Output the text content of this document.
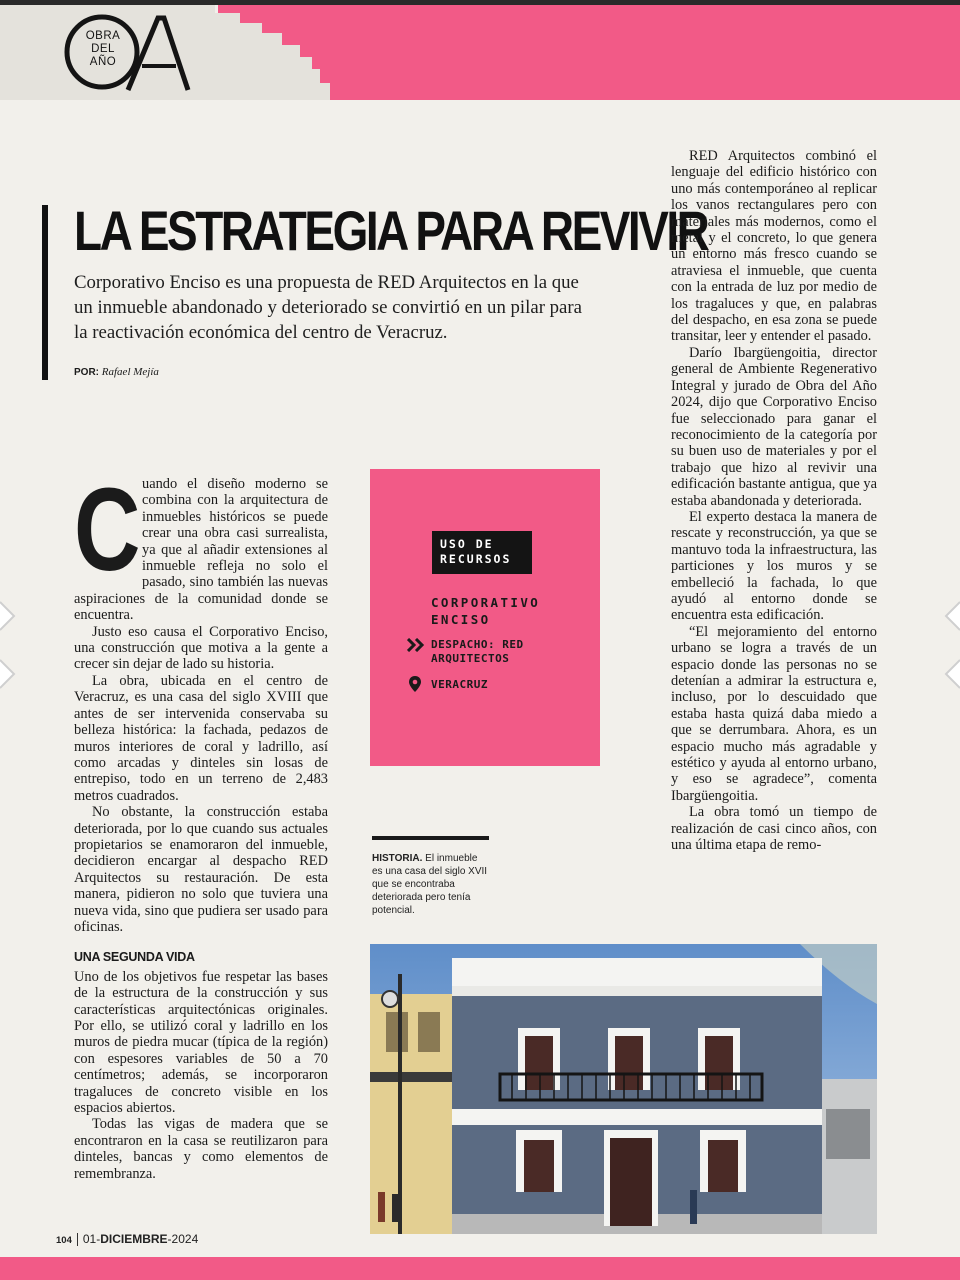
OBRA
DEL
AÑO
LA ESTRATEGIA PARA REVIVIR

Corporativo Enciso es una propuesta de RED Arquitectos en la que un inmueble abandonado y deteriorado se convirtió en un pilar para la reactivación económica del centro de Veracruz.

POR: Rafael Mejía
C uando el diseño moderno se combina con la arquitectura de inmuebles históricos se puede crear una obra casi surrealista, ya que al añadir extensiones al inmueble refleja no solo el pasado, sino también las nuevas aspiraciones de la comunidad donde se encuentra.

Justo eso causa el Corporativo Enciso, una construcción que motiva a la gente a crecer sin dejar de lado su historia.

La obra, ubicada en el centro de Veracruz, es una casa del siglo XVIII que antes de ser intervenida conservaba su belleza histórica: la fachada, pedazos de muros interiores de coral y ladrillo, así como arcadas y dinteles sin losas de entrepiso, todo en un terreno de 2,483 metros cuadrados.

No obstante, la construcción estaba deteriorada, por lo que cuando sus actuales propietarios se enamoraron del inmueble, decidieron encargar al despacho RED Arquitectos su restauración. De esta manera, pidieron no solo que tuviera una nueva vida, sino que pudiera ser usado para oficinas.

UNA SEGUNDA VIDA

Uno de los objetivos fue respetar las bases de la estructura de la construcción y sus características arquitectónicas originales. Por ello, se utilizó coral y ladrillo en los muros de piedra mucar (típica de la región) con espesores variables de 50 a 70 centímetros; además, se incorporaron tragaluces de concreto visible en los espacios abiertos.

Todas las vigas de madera que se encontraron en la casa se reutilizaron para dinteles, bancas y como elementos de remembranza.

RED Arquitectos combinó el lenguaje del edificio histórico con uno más contemporáneo al replicar los vanos rectangulares pero con materiales más modernos, como el metal y el concreto, lo que genera un entorno más fresco cuando se atraviesa el inmueble, que cuenta con la entrada de luz por medio de los tragaluces y que, en palabras del despacho, en esa zona se puede transitar, leer y entender el pasado.

Darío Ibargüengoitia, director general de Ambiente Regenerativo Integral y jurado de Obra del Año 2024, dijo que Corporativo Enciso fue seleccionado para ganar el reconocimiento de la categoría por su buen uso de materiales y por el trabajo que hizo al revivir una edificación bastante antigua, que ya estaba abandonada y deteriorada.

El experto destaca la manera de rescate y reconstrucción, ya que se mantuvo toda la infraestructura, las particiones y los muros y se embelleció la fachada, lo que ayudó al entorno donde se encuentra esta edificación.

“El mejoramiento del entorno urbano se logra a través de un espacio donde las personas no se detenían a admirar la estructura e, incluso, por lo descuidado que estaba hasta quizá daba miedo a que se derrumbara. Ahora, es un espacio mucho más agradable y estético y ayuda al entorno urbano, y eso se agradece”, comenta Ibargüengoitia.

La obra tomó un tiempo de realización de casi cinco años, con una última etapa de remo-

USO DE RECURSOS
CORPORATIVO ENCISO
DESPACHO: RED ARQUITECTOS
VERACRUZ
HISTORIA. El inmueble es una casa del siglo XVII que se encontraba deteriorada pero tenía potencial.
104 01-DICIEMBRE-2024
